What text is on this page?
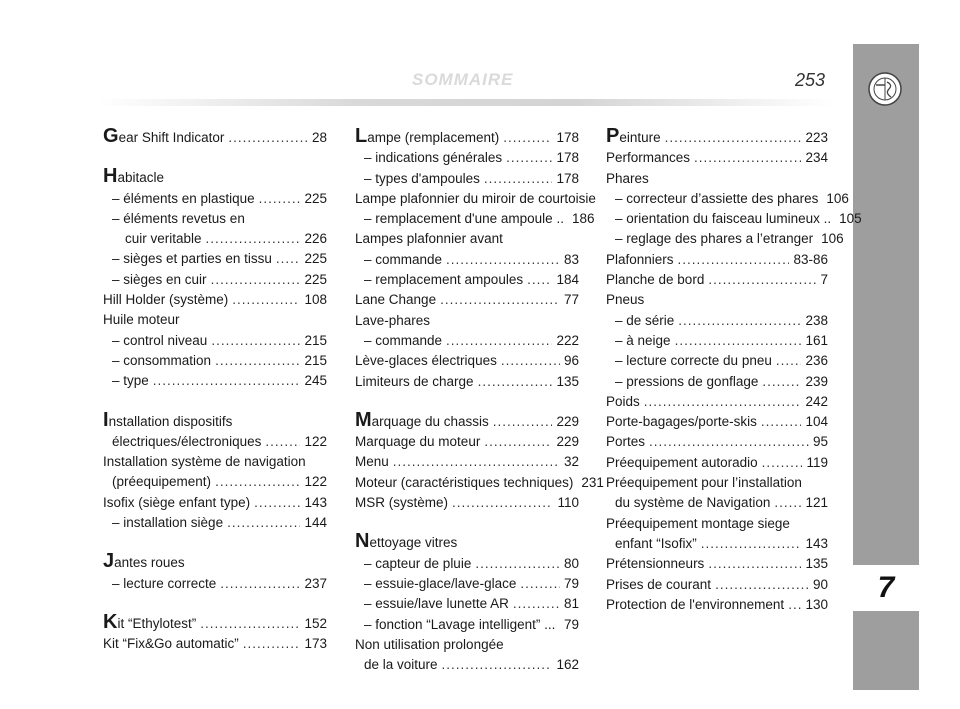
SOMMAIRE	253
7
Gear Shift Indicator .....	28
Habitacle
– éléments en plastique .....	225
– éléments revetus en
cuir veritable .....	226
– sièges et parties en tissu ..... 225
– sièges en cuir .....	225
Hill Holder (système) .....	108
Huile moteur
– control niveau .....	215
– consommation .....	215
– type .....	245
Installation dispositifs
électriques/électroniques .....	122
Installation système de navigation
(préequipement) .....	122
Isofix (siège enfant type) .....	143
– installation siège .....	144
Jantes roues
– lecture correcte .....	237
Kit “Ethylotest” .....	152
Kit “Fix&Go automatic” .....	173
Lampe (remplacement) .....	178
– indications générales .....	178
– types d'ampoules .....	178
Lampe plafonnier du miroir de courtoisie
– remplacement d'une ampoule .. 186
Lampes plafonnier avant
– commande .....	83
– remplacement ampoules ..... 184
Lane Change .....	77
Lave-phares
– commande .....	222
Lève-glaces électriques .....	96
Limiteurs de charge .....	135
Marquage du chassis .....	229
Marquage du moteur .....	229
Menu .....	32
Moteur (caractéristiques techniques) 231
MSR (système) .....	110
Nettoyage vitres
– capteur de pluie .....	80
– essuie-glace/lave-glace .....	79
– essuie/lave lunette AR .....	81
– fonction “Lavage intelligent” ... 79
Non utilisation prolongée
de la voiture .....	162
Peinture .....	223
Performances .....	234
Phares
– correcteur d’assiette des phares 106
– orientation du faisceau lumineux .. 105
– reglage des phares a l’etranger 106
Plafonniers .....	83-86
Planche de bord .....	7
Pneus
– de série .....	238
– à neige .....	161
– lecture correcte du pneu ..... 236
– pressions de gonflage .....	239
Poids .....	242
Porte-bagages/porte-skis .....	104
Portes .....	95
Préequipement autoradio .....	119
Préequipement pour l’installation
du système de Navigation .....	121
Préequipement montage siege
enfant “Isofix” .....	143
Prétensionneurs .....	135
Prises de courant .....	90
Protection de l'environnement ..... 130
